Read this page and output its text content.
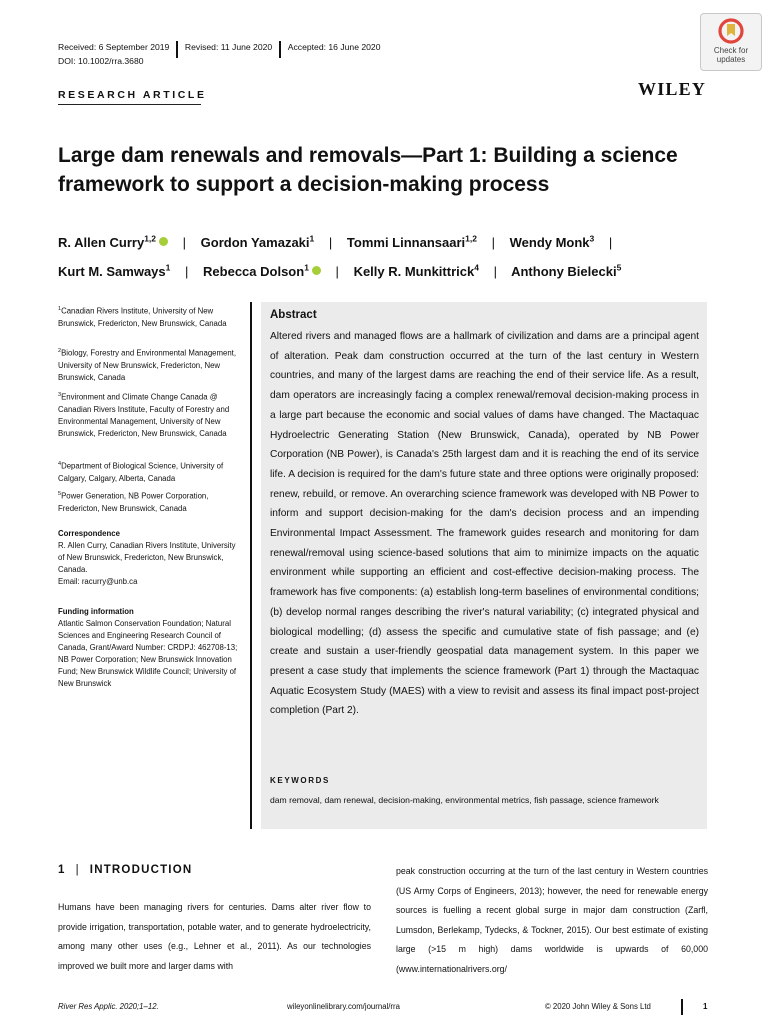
Received: 6 September 2019 Revised: 11 June 2020 Accepted: 16 June 2020
DOI: 10.1002/rra.3680
Check for
updates
RESEARCH ARTICLE	WILEY
Large dam renewals and removals—Part 1: Building a science framework to support a decision-making process
R. Allen Curry$^{1,2}$ | Gordon Yamazaki$^1$ | Tommi Linnansaari$^{1,2}$ | Wendy Monk$^3$ |
Kurt M. Samways$^1$ | Rebecca Dolson$^1$ | Kelly R. Munkittrick$^4$ | Anthony Bielecki$^5$
$^1$Canadian Rivers Institute, University of New Brunswick, Fredericton, New Brunswick, Canada
$^2$Biology, Forestry and Environmental Management, University of New Brunswick, Fredericton, New Brunswick, Canada
$^3$Environment and Climate Change Canada @ Canadian Rivers Institute, Faculty of Forestry and Environmental Management, University of New Brunswick, Fredericton, New Brunswick, Canada
$^4$Department of Biological Science, University of Calgary, Calgary, Alberta, Canada
$^5$Power Generation, NB Power Corporation, Fredericton, New Brunswick, Canada
Correspondence
R. Allen Curry, Canadian Rivers Institute, University of New Brunswick, Fredericton, New Brunswick, Canada.
Email: racurry@unb.ca
Funding information
Atlantic Salmon Conservation Foundation; Natural Sciences and Engineering Research Council of Canada, Grant/Award Number: CRDPJ: 462708-13; NB Power Corporation; New Brunswick Innovation Fund; New Brunswick Wildlife Council; University of New Brunswick
Abstract
Altered rivers and managed flows are a hallmark of civilization and dams are a principal agent of alteration. Peak dam construction occurred at the turn of the last century in Western countries, and many of the largest dams are reaching the end of their service life. As a result, dam operators are increasingly facing a complex renewal/removal decision-making process in a large part because the economic and social values of dams have changed. The Mactaquac Hydroelectric Generating Station (New Brunswick, Canada), operated by NB Power Corporation (NB Power), is Canada's 25th largest dam and it is reaching the end of its service life. A decision is required for the dam's future state and three options were originally proposed: renew, rebuild, or remove. An overarching science framework was developed with NB Power to inform and support decision-making for the dam's decision process and an impending Environmental Impact Assessment. The framework guides research and monitoring for dam renewal/removal using science-based solutions that aim to minimize impacts on the aquatic environment while supporting an efficient and cost-effective decision-making process. The framework has five components: (a) establish long-term baselines of environmental conditions; (b) develop normal ranges describing the river's natural variability; (c) integrated physical and biological modelling; (d) assess the specific and cumulative state of fish passage; and (e) create and sustain a user-friendly geospatial data management system. In this paper we present a case study that implements the science framework (Part 1) through the Mactaquac Aquatic Ecosystem Study (MAES) with a view to revisit and assess its final impact post-project completion (Part 2).
KEYWORDS
dam removal, dam renewal, decision-making, environmental metrics, fish passage, science framework
1 | INTRODUCTION
Humans have been managing rivers for centuries. Dams alter river flow to provide irrigation, transportation, potable water, and to generate hydroelectricity, among many other uses (e.g., Lehner et al., 2011). As our technologies improved we built more and larger dams with
peak construction occurring at the turn of the last century in Western countries (US Army Corps of Engineers, 2013); however, the need for renewable energy sources is fuelling a recent global surge in major dam construction (Zarfl, Lumsdon, Berlekamp, Tydecks, & Tockner, 2015). Our best estimate of existing large (>15 m high) dams worldwide is upwards of 60,000 (www.internationalrivers.org/
River Res Applic. 2020;1–12.	wileyonlinelibrary.com/journal/rra	© 2020 John Wiley & Sons Ltd	1
